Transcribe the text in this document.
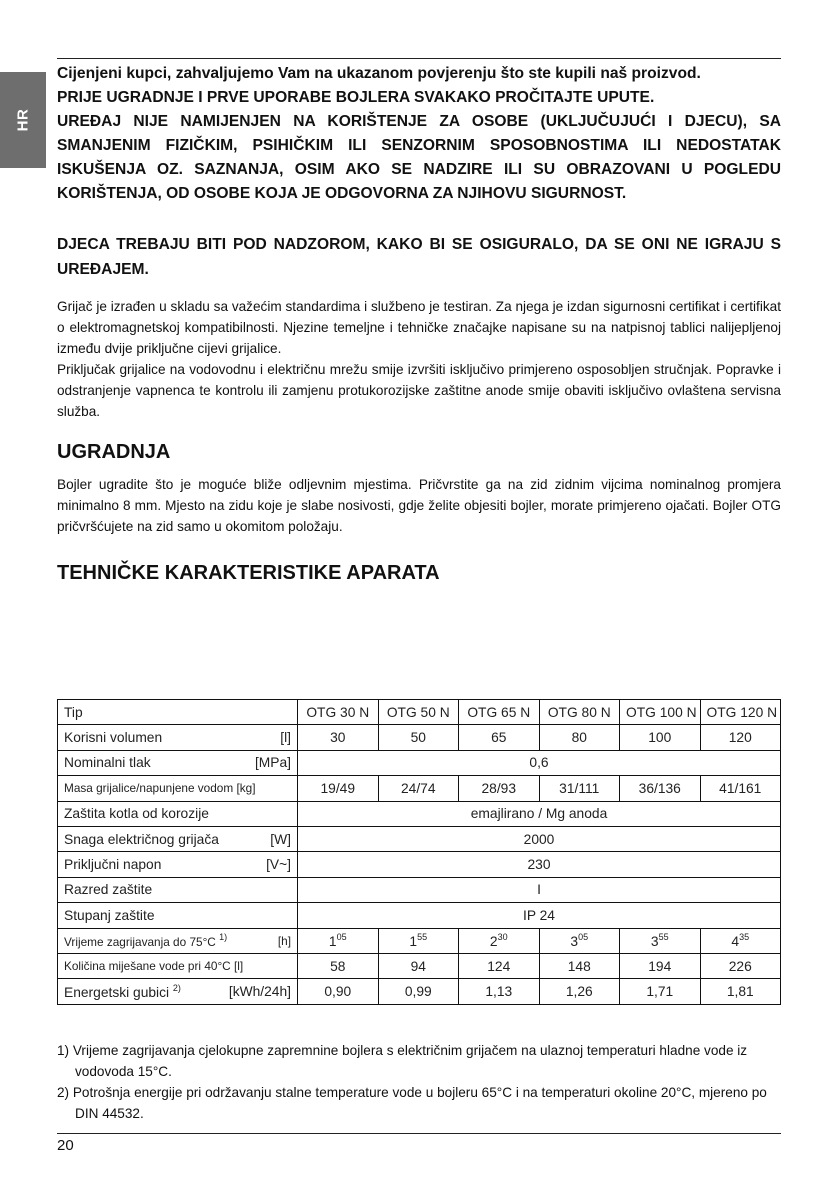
HR

Cijenjeni kupci, zahvaljujemo Vam na ukazanom povjerenju što ste kupili naš proizvod.

PRIJE UGRADNJE I PRVE UPORABE BOJLERA SVAKAKO PROČITAJTE UPUTE.

UREĐAJ NIJE NAMIJENJEN NA KORIŠTENJE ZA OSOBE (UKLJUČUJUĆI I DJECU), SA SMANJENIM FIZIČKIM, PSIHIČKIM ILI SENZORNIM SPOSOBNOSTIMA ILI NEDOSTATAK ISKUŠENJA OZ. SAZNANJA, OSIM AKO SE NADZIRE ILI SU OBRAZOVANI U POGLEDU KORIŠTENJA, OD OSOBE KOJA JE ODGOVORNA ZA NJIHOVU SIGURNOST.

DJECA TREBAJU BITI POD NADZOROM, KAKO BI SE OSIGURALO, DA SE ONI NE IGRAJU S UREĐAJEM.

Grijač je izrađen u skladu sa važećim standardima i službeno je testiran. Za njega je izdan sigurnosni certifikat i certifikat o elektromagnetskoj kompatibilnosti. Njezine temeljne i tehničke značajke napisane su na natpisnoj tablici nalijepljenoj između dvije priključne cijevi grijalice.

Priključak grijalice na vodovodnu i električnu mrežu smije izvršiti isključivo primjereno osposobljen stručnjak. Popravke i odstranjenje vapnenca te kontrolu ili zamjenu protukorozijske zaštitne anode smije obaviti isključivo ovlaštena servisna služba.

UGRADNJA

Bojler ugradite što je moguće bliže odljevnim mjestima. Pričvrstite ga na zid zidnim vijcima nominalnog promjera minimalno 8 mm. Mjesto na zidu koje je slabe nosivosti, gdje želite objesiti bojler, morate primjereno ojačati. Bojler OTG pričvršćujete na zid samo u okomitom položaju.

TEHNIČKE KARAKTERISTIKE APARATA
Tip	OTG 30 N	OTG 50 N	OTG 65 N	OTG 80 N	OTG 100 N	OTG 120 N

Korisni volumen [l]	30	50	65	80	100	120

Nominalni tlak [MPa]	0,6					
Masa grijalice/napunjene vodom [kg]	19/49	24/74	28/93	31/111	36/136	41/161
Zaštita kotla od korozije	emajlirano / Mg anoda					

Snaga električnog grijača [W]	2000					

Priključni napon [V~]	230					
Razred zaštite	I					
Stupanj zaštite	IP 24					

Vrijeme zagrijavanja do 75°C $^{1)}$ [h]	$1^{05}$	$1^{55}$	$2^{30}$	$3^{05}$	$3^{55}$	$4^{35}$
Količina miješane vode pri 40°C [l]	58	94	124	148	194	226

Energetski gubici $^{2)}$ [kWh/24h]	0,90	0,99	1,13	1,26	1,71	1,81

1) Vrijeme zagrijavanja cjelokupne zapremnine bojlera s električnim grijačem na ulaznoj temperaturi hladne vode iz vodovoda 15°C.

2) Potrošnja energije pri održavanju stalne temperature vode u bojleru 65°C i na temperaturi okoline 20°C, mjereno po DIN 44532.

20
